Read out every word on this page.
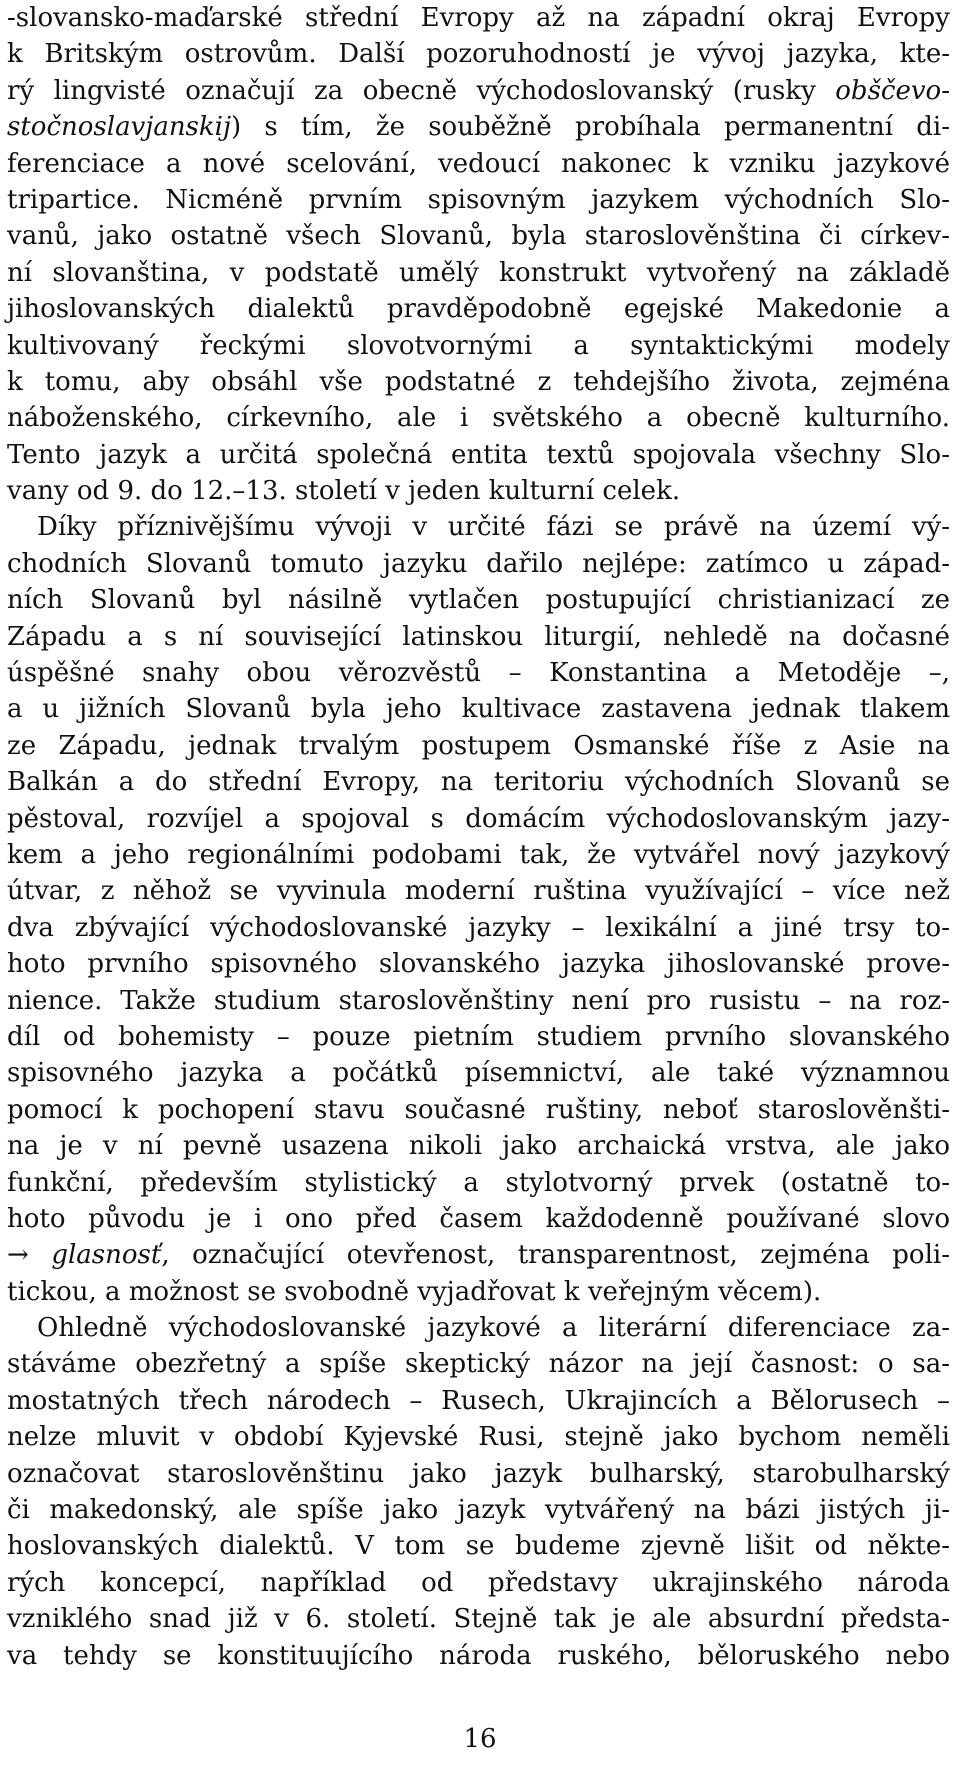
-slovansko-maďarské střední Evropy až na západní okraj Evropy
k Britským ostrovům. Další pozoruhodností je vývoj jazyka, kte-
rý lingvisté označují za obecně východoslovanský (rusky obščevo-
stočnoslavjanskij) s tím, že souběžně probíhala permanentní di-
ferenciace a nové scelování, vedoucí nakonec k vzniku jazykové
tripartice. Nicméně prvním spisovným jazykem východních Slo-
vanů, jako ostatně všech Slovanů, byla staroslověnština či církev-
ní slovanština, v podstatě umělý konstrukt vytvořený na základě
jihoslovanských dialektů pravděpodobně egejské Makedonie a
kultivovaný řeckými slovotvornými a syntaktickými modely
k tomu, aby obsáhl vše podstatné z tehdejšího života, zejména
náboženského, církevního, ale i světského a obecně kulturního.
Tento jazyk a určitá společná entita textů spojovala všechny Slo-
vany od 9. do 12.–13. století v jeden kulturní celek.
Díky příznivějšímu vývoji v určité fázi se právě na území vý-
chodních Slovanů tomuto jazyku dařilo nejlépe: zatímco u západ-
ních Slovanů byl násilně vytlačen postupující christianizací ze
Západu a s ní související latinskou liturgií, nehledě na dočasné
úspěšné snahy obou věrozvěstů – Konstantina a Metoděje –,
a u jižních Slovanů byla jeho kultivace zastavena jednak tlakem
ze Západu, jednak trvalým postupem Osmanské říše z Asie na
Balkán a do střední Evropy, na teritoriu východních Slovanů se
pěstoval, rozvíjel a spojoval s domácím východoslovanským jazy-
kem a jeho regionálními podobami tak, že vytvářel nový jazykový
útvar, z něhož se vyvinula moderní ruština využívající – více než
dva zbývající východoslovanské jazyky – lexikální a jiné trsy to-
hoto prvního spisovného slovanského jazyka jihoslovanské prove-
nience. Takže studium staroslověnštiny není pro rusistu – na roz-
díl od bohemisty – pouze pietním studiem prvního slovanského
spisovného jazyka a počátků písemnictví, ale také významnou
pomocí k pochopení stavu současné ruštiny, neboť staroslověnšti-
na je v ní pevně usazena nikoli jako archaická vrstva, ale jako
funkční, především stylistický a stylotvorný prvek (ostatně to-
hoto původu je i ono před časem každodenně používané slovo
→ glasnosť, označující otevřenost, transparentnost, zejména poli-
tickou, a možnost se svobodně vyjadřovat k veřejným věcem).
Ohledně východoslovanské jazykové a literární diferenciace za-
stáváme obezřetný a spíše skeptický názor na její časnost: o sa-
mostatných třech národech – Rusech, Ukrajincích a Bělorusech –
nelze mluvit v období Kyjevské Rusi, stejně jako bychom neměli
označovat staroslověnštinu jako jazyk bulharský, starobulharský
či makedonský, ale spíše jako jazyk vytvářený na bázi jistých ji-
hoslovanských dialektů. V tom se budeme zjevně lišit od někte-
rých koncepcí, například od představy ukrajinského národa
vzniklého snad již v 6. století. Stejně tak je ale absurdní předsta-
va tehdy se konstituujícího národa ruského, běloruského nebo
16
